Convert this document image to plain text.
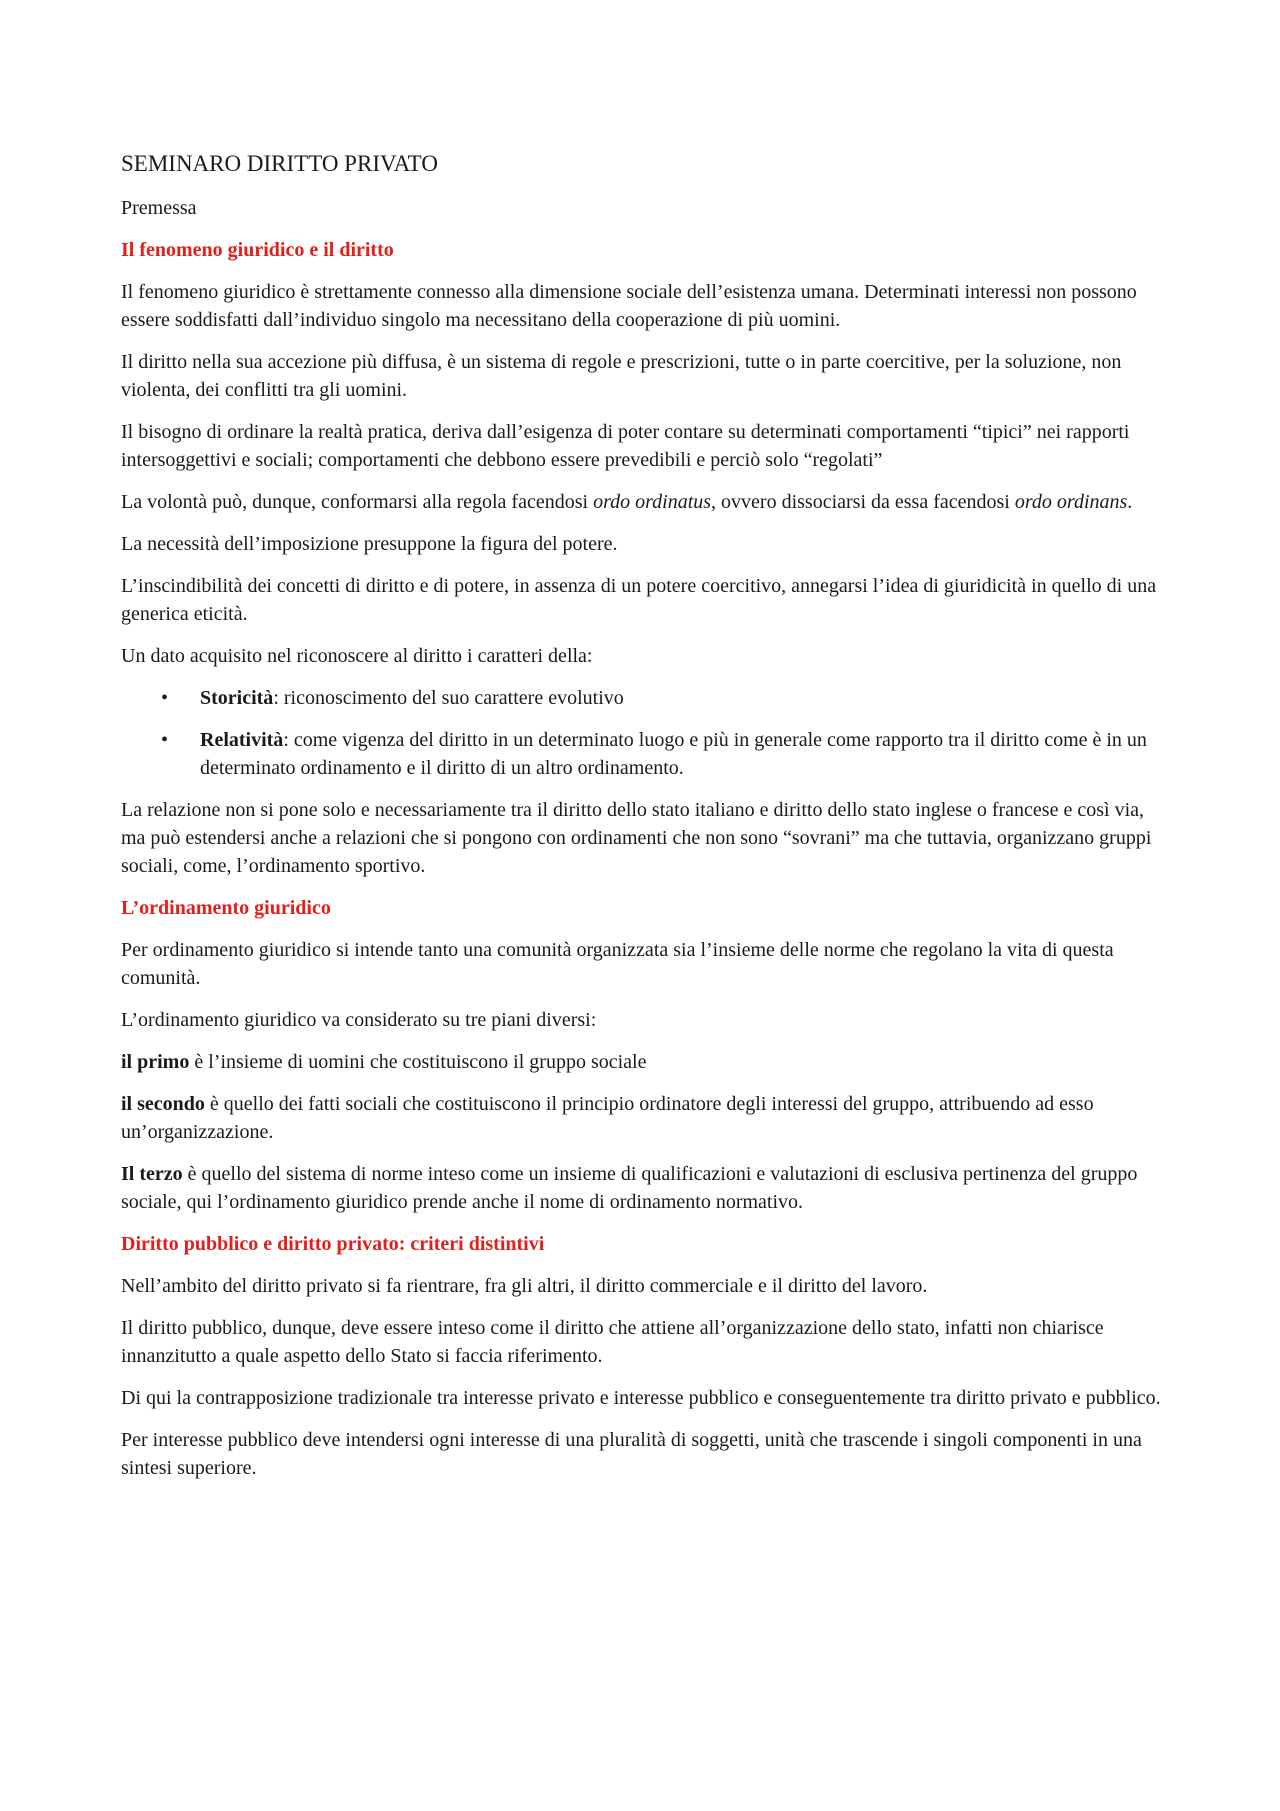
SEMINARO DIRITTO PRIVATO

Premessa

Il fenomeno giuridico e il diritto

Il fenomeno giuridico è strettamente connesso alla dimensione sociale dell’esistenza umana. Determinati interessi non possono essere soddisfatti dall’individuo singolo ma necessitano della cooperazione di più uomini.

Il diritto nella sua accezione più diffusa, è un sistema di regole e prescrizioni, tutte o in parte coercitive, per la soluzione, non violenta, dei conflitti tra gli uomini.

Il bisogno di ordinare la realtà pratica, deriva dall’esigenza di poter contare su determinati comportamenti “tipici” nei rapporti intersoggettivi e sociali; comportamenti che debbono essere prevedibili e perciò solo “regolati”

La volontà può, dunque, conformarsi alla regola facendosi ordo ordinatus, ovvero dissociarsi da essa facendosi ordo ordinans.

La necessità dell’imposizione presuppone la figura del potere.

L’inscindibilità dei concetti di diritto e di potere, in assenza di un potere coercitivo, annegarsi l’idea di giuridicità in quello di una generica eticità.

Un dato acquisito nel riconoscere al diritto i caratteri della:

• Storicità: riconoscimento del suo carattere evolutivo
• Relatività: come vigenza del diritto in un determinato luogo e più in generale come rapporto tra il diritto come è in un determinato ordinamento e il diritto di un altro ordinamento.

La relazione non si pone solo e necessariamente tra il diritto dello stato italiano e diritto dello stato inglese o francese e così via, ma può estendersi anche a relazioni che si pongono con ordinamenti che non sono “sovrani” ma che tuttavia, organizzano gruppi sociali, come, l’ordinamento sportivo.

L’ordinamento giuridico

Per ordinamento giuridico si intende tanto una comunità organizzata sia l’insieme delle norme che regolano la vita di questa comunità.

L’ordinamento giuridico va considerato su tre piani diversi:

il primo è l’insieme di uomini che costituiscono il gruppo sociale

il secondo è quello dei fatti sociali che costituiscono il principio ordinatore degli interessi del gruppo, attribuendo ad esso un’organizzazione.

Il terzo è quello del sistema di norme inteso come un insieme di qualificazioni e valutazioni di esclusiva pertinenza del gruppo sociale, qui l’ordinamento giuridico prende anche il nome di ordinamento normativo.

Diritto pubblico e diritto privato: criteri distintivi

Nell’ambito del diritto privato si fa rientrare, fra gli altri, il diritto commerciale e il diritto del lavoro.

Il diritto pubblico, dunque, deve essere inteso come il diritto che attiene all’organizzazione dello stato, infatti non chiarisce innanzitutto a quale aspetto dello Stato si faccia riferimento.

Di qui la contrapposizione tradizionale tra interesse privato e interesse pubblico e conseguentemente tra diritto privato e pubblico.

Per interesse pubblico deve intendersi ogni interesse di una pluralità di soggetti, unità che trascende i singoli componenti in una sintesi superiore.
